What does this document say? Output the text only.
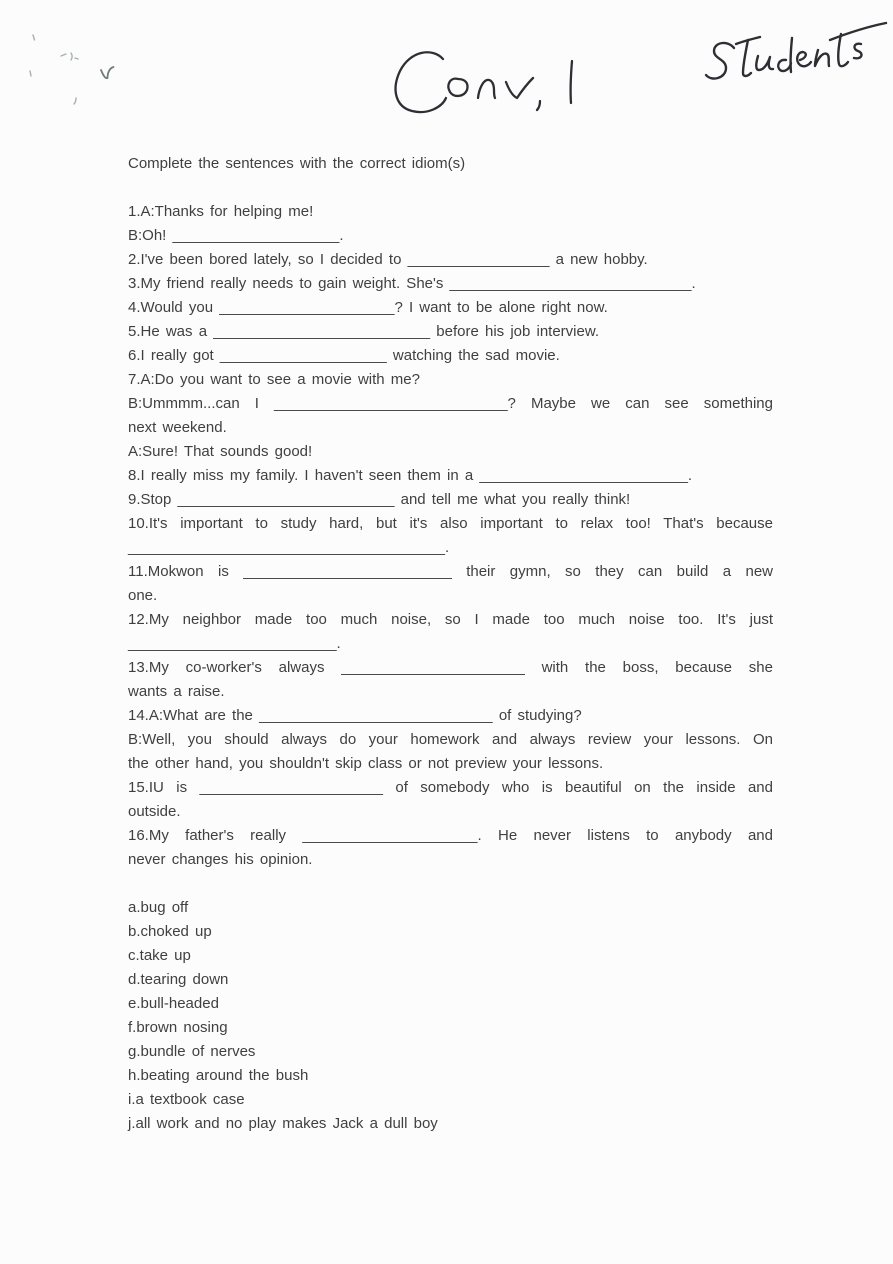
Complete the sentences with the correct idiom(s)
1.A:Thanks for helping me!
B:Oh! ____________________.
2.I've been bored lately, so I decided to _________________ a new hobby.
3.My friend really needs to gain weight. She's _____________________________.
4.Would you _____________________? I want to be alone right now.
5.He was a __________________________ before his job interview.
6.I really got ____________________ watching the sad movie.
7.A:Do you want to see a movie with me?
B:Ummmm...can I ____________________________? Maybe we can see something
next weekend.
A:Sure! That sounds good!
8.I really miss my family. I haven't seen them in a _________________________.
9.Stop __________________________ and tell me what you really think!
10.It's important to study hard, but it's also important to relax too! That's because
______________________________________.
11.Mokwon is _________________________ their gymn, so they can build a new
one.
12.My neighbor made too much noise, so I made too much noise too. It's just
_________________________.
13.My co-worker's always ______________________ with the boss, because she
wants a raise.
14.A:What are the ____________________________ of studying?
B:Well, you should always do your homework and always review your lessons. On
the other hand, you shouldn't skip class or not preview your lessons.
15.IU is ______________________ of somebody who is beautiful on the inside and
outside.
16.My father's really _____________________. He never listens to anybody and
never changes his opinion.
a.bug off
b.choked up
c.take up
d.tearing down
e.bull-headed
f.brown nosing
g.bundle of nerves
h.beating around the bush
i.a textbook case
j.all work and no play makes Jack a dull boy
